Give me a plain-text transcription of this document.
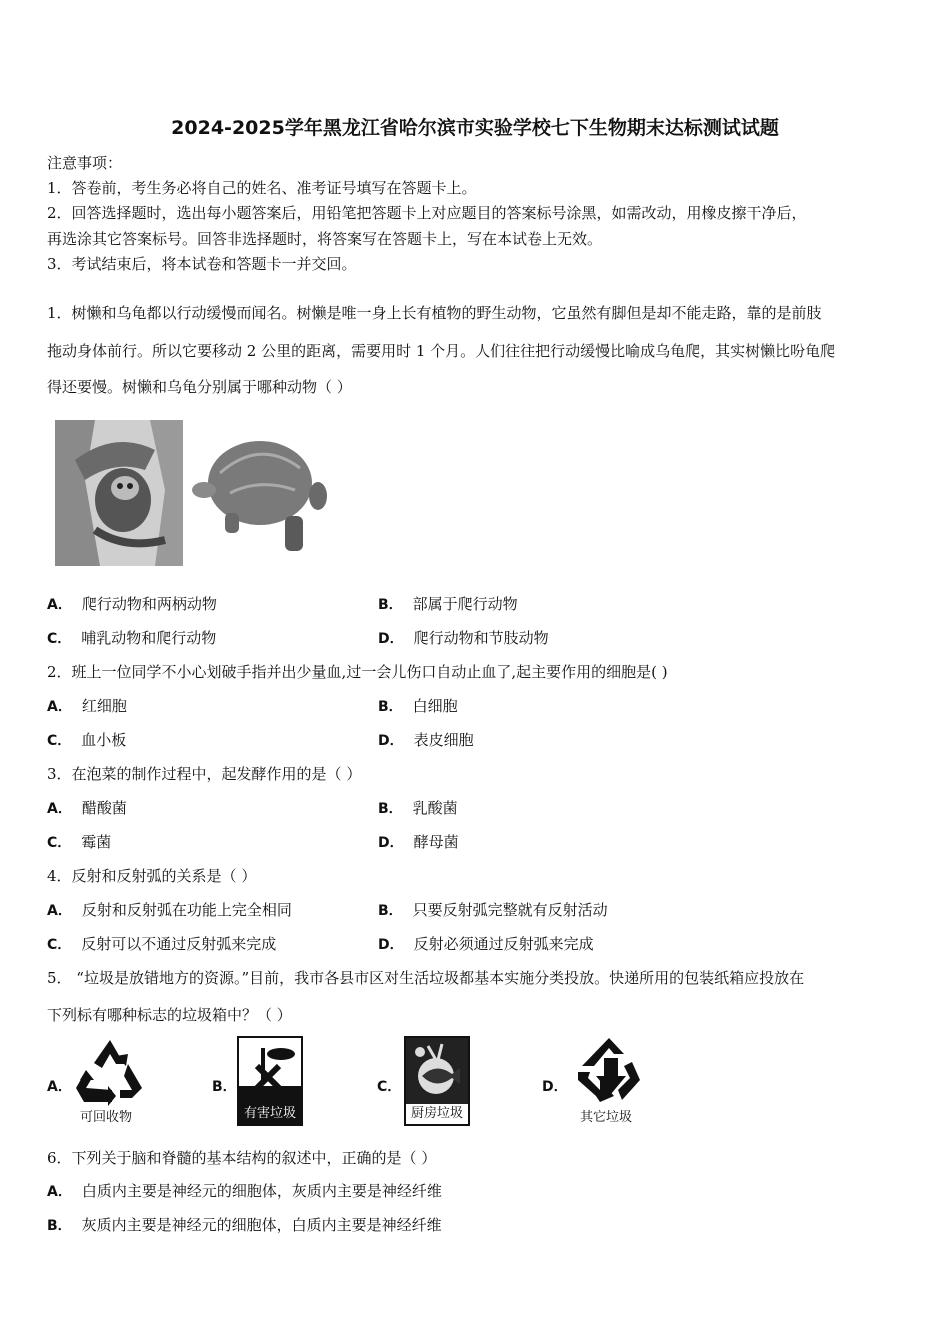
2024-2025学年黑龙江省哈尔滨市实验学校七下生物期末达标测试试题
注意事项：
1．答卷前，考生务必将自己的姓名、准考证号填写在答题卡上。
2．回答选择题时，选出每小题答案后，用铅笔把答题卡上对应题目的答案标号涂黑，如需改动，用橡皮擦干净后，
再选涂其它答案标号。回答非选择题时，将答案写在答题卡上，写在本试卷上无效。
3．考试结束后，将本试卷和答题卡一并交回。
1．树懒和乌龟都以行动缓慢而闻名。树懒是唯一身上长有植物的野生动物，它虽然有脚但是却不能走路，靠的是前肢
拖动身体前行。所以它要移动 2 公里的距离，需要用时 1 个月。人们往往把行动缓慢比喻成乌龟爬，其实树懒比吩龟爬
得还要慢。树懒和乌龟分别属于哪种动物（ ）
A． 爬行动物和两柄动物	B． 部属于爬行动物
C． 哺乳动物和爬行动物	D． 爬行动物和节肢动物
2．班上一位同学不小心划破手指并出少量血,过一会儿伤口自动止血了,起主要作用的细胞是( )
A． 红细胞	B． 白细胞
C． 血小板	D． 表皮细胞
3．在泡菜的制作过程中，起发酵作用的是（ ）
A． 醋酸菌	B． 乳酸菌
C． 霉菌	D． 酵母菌
4．反射和反射弧的关系是（ ）
A． 反射和反射弧在功能上完全相同	B． 只要反射弧完整就有反射活动
C． 反射可以不通过反射弧来完成	D． 反射必须通过反射弧来完成
5． “垃圾是放错地方的资源。”目前，我市各县市区对生活垃圾都基本实施分类投放。快递所用的包装纸箱应投放在
下列标有哪种标志的垃圾箱中？（ ）
A．
可回收物
B．
有害垃圾
C．
厨房垃圾
D．
其它垃圾
6．下列关于脑和脊髓的基本结构的叙述中，正确的是（ ）
A． 白质内主要是神经元的细胞体，灰质内主要是神经纤维
B． 灰质内主要是神经元的细胞体，白质内主要是神经纤维
